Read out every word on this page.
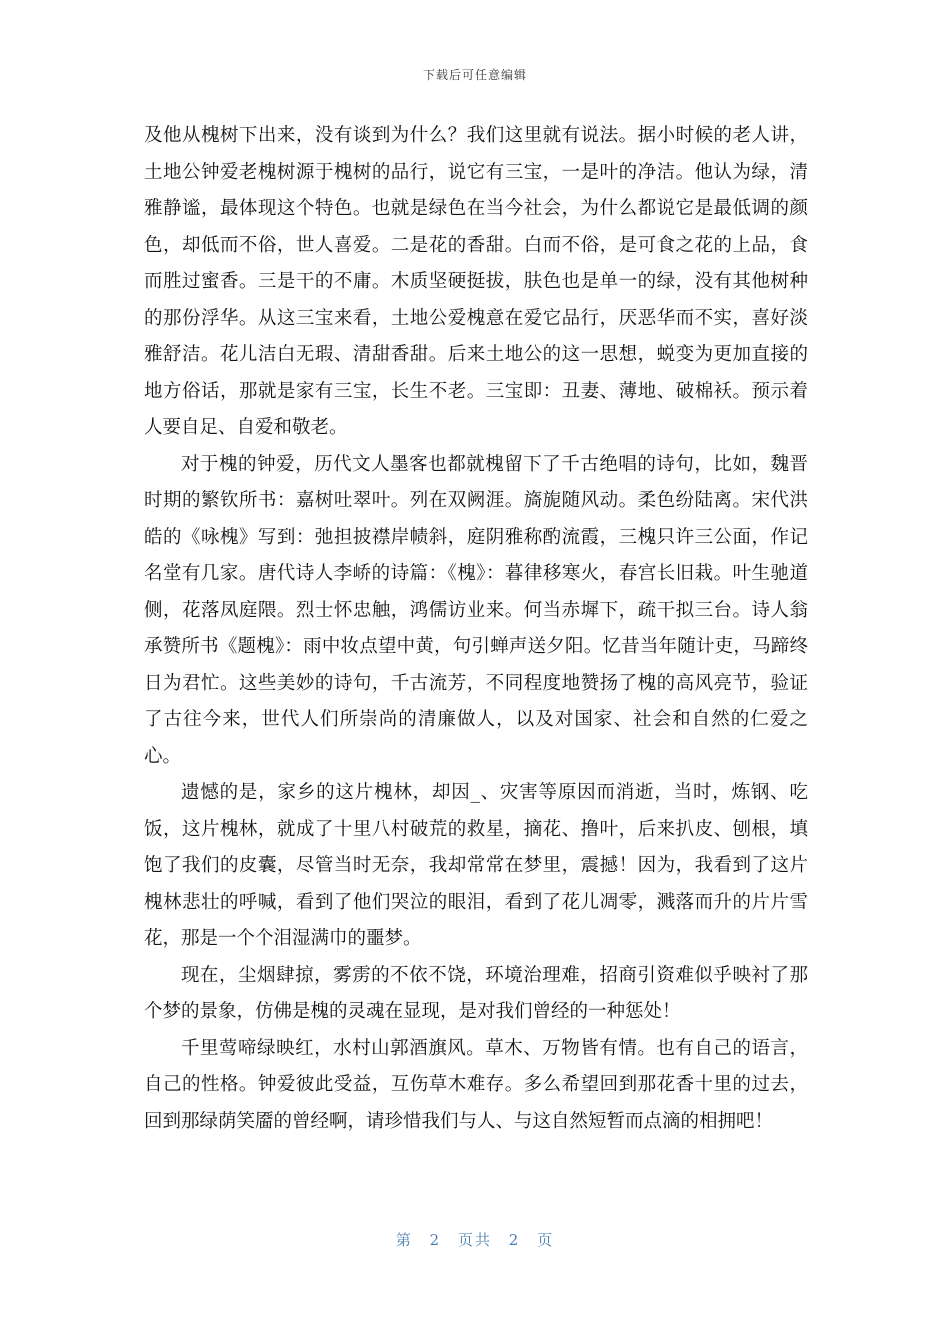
下载后可任意编辑

及他从槐树下出来，没有谈到为什么？我们这里就有说法。据小时候的老人讲，土地公钟爱老槐树源于槐树的品行，说它有三宝，一是叶的净洁。他认为绿，清雅静谧，最体现这个特色。也就是绿色在当今社会，为什么都说它是最低调的颜色，却低而不俗，世人喜爱。二是花的香甜。白而不俗，是可食之花的上品，食而胜过蜜香。三是干的不庸。木质坚硬挺拔，肤色也是单一的绿，没有其他树种的那份浮华。从这三宝来看，土地公爱槐意在爱它品行，厌恶华而不实，喜好淡雅舒洁。花儿洁白无瑕、清甜香甜。后来土地公的这一思想，蜕变为更加直接的地方俗话，那就是家有三宝，长生不老。三宝即：丑妻、薄地、破棉袄。预示着人要自足、自爱和敬老。

对于槐的钟爱，历代文人墨客也都就槐留下了千古绝唱的诗句，比如，魏晋时期的繁钦所书：嘉树吐翠叶。列在双阙涯。旖旎随风动。柔色纷陆离。宋代洪皓的《咏槐》写到：弛担披襟岸帻斜，庭阴雅称酌流霞，三槐只许三公面，作记名堂有几家。唐代诗人李峤的诗篇：《槐》：暮律移寒火，春宫长旧栽。叶生驰道侧，花落凤庭隈。烈士怀忠触，鸿儒访业来。何当赤墀下，疏干拟三台。诗人翁承赞所书《题槐》：雨中妆点望中黄，句引蝉声送夕阳。忆昔当年随计吏，马蹄终日为君忙。这些美妙的诗句，千古流芳，不同程度地赞扬了槐的高风亮节，验证了古往今来，世代人们所崇尚的清廉做人，以及对国家、社会和自然的仁爱之心。

遗憾的是，家乡的这片槐林，却因_、灾害等原因而消逝，当时，炼钢、吃饭，这片槐林，就成了十里八村破荒的救星，摘花、撸叶，后来扒皮、刨根，填饱了我们的皮囊，尽管当时无奈，我却常常在梦里，震撼！因为，我看到了这片槐林悲壮的呼喊，看到了他们哭泣的眼泪，看到了花儿凋零，溅落而升的片片雪花，那是一个个泪湿满巾的噩梦。

现在，尘烟肆掠，雾雳的不依不饶，环境治理难，招商引资难似乎映衬了那个梦的景象，仿佛是槐的灵魂在显现，是对我们曾经的一种惩处！

千里莺啼绿映红，水村山郭酒旗风。草木、万物皆有情。也有自己的语言，自己的性格。钟爱彼此受益，互伤草木难存。多么希望回到那花香十里的过去，回到那绿荫笑靥的曾经啊，请珍惜我们与人、与这自然短暂而点滴的相拥吧！

第 2 页共 2 页
